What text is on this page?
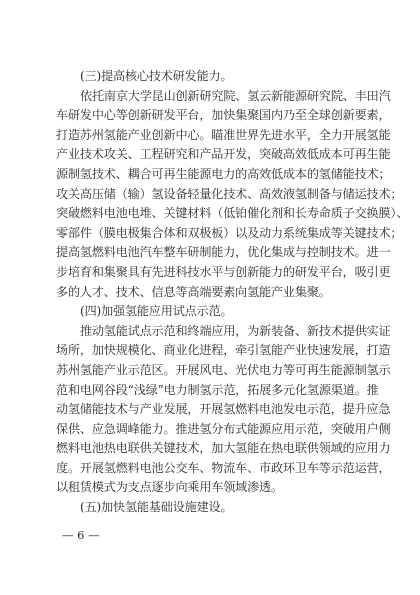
(三)提高核心技术研发能力。
依托南京大学昆山创新研究院、氢云新能源研究院、丰田汽
车研发中心等创新研发平台，加快集聚国内乃至全球创新要素，
打造苏州氢能产业创新中心。瞄准世界先进水平，全力开展氢能
产业技术攻关、工程研究和产品开发，突破高效低成本可再生能
源制氢技术、耦合可再生能源电力的高效低成本的氢储能技术；
攻关高压储（输）氢设备轻量化技术、高效液氢制备与储运技术；
突破燃料电池电堆、关键材料（低铂催化剂和长寿命质子交换膜）、
零部件（膜电极集合体和双极板）以及动力系统集成等关键技术；
提高氢燃料电池汽车整车研制能力，优化集成与控制技术。进一
步培育和集聚具有先进科技水平与创新能力的研发平台，吸引更
多的人才、技术、信息等高端要素向氢能产业集聚。
(四)加强氢能应用试点示范。
推动氢能试点示范和终端应用，为新装备、新技术提供实证
场所，加快规模化、商业化进程，牵引氢能产业快速发展，打造
苏州氢能产业示范区。开展风电、光伏电力等可再生能源制氢示
范和电网谷段“浅绿”电力制氢示范，拓展多元化氢源渠道。推
动氢储能技术与产业发展，开展氢燃料电池发电示范，提升应急
保供、应急调峰能力。推进氢分布式能源应用示范，突破用户侧
燃料电池热电联供关键技术，加大氢能在热电联供领域的应用力
度。开展氢燃料电池公交车、物流车、市政环卫车等示范运营，
以租赁模式为支点逐步向乘用车领域渗透。
(五)加快氢能基础设施建设。
— 6 —
